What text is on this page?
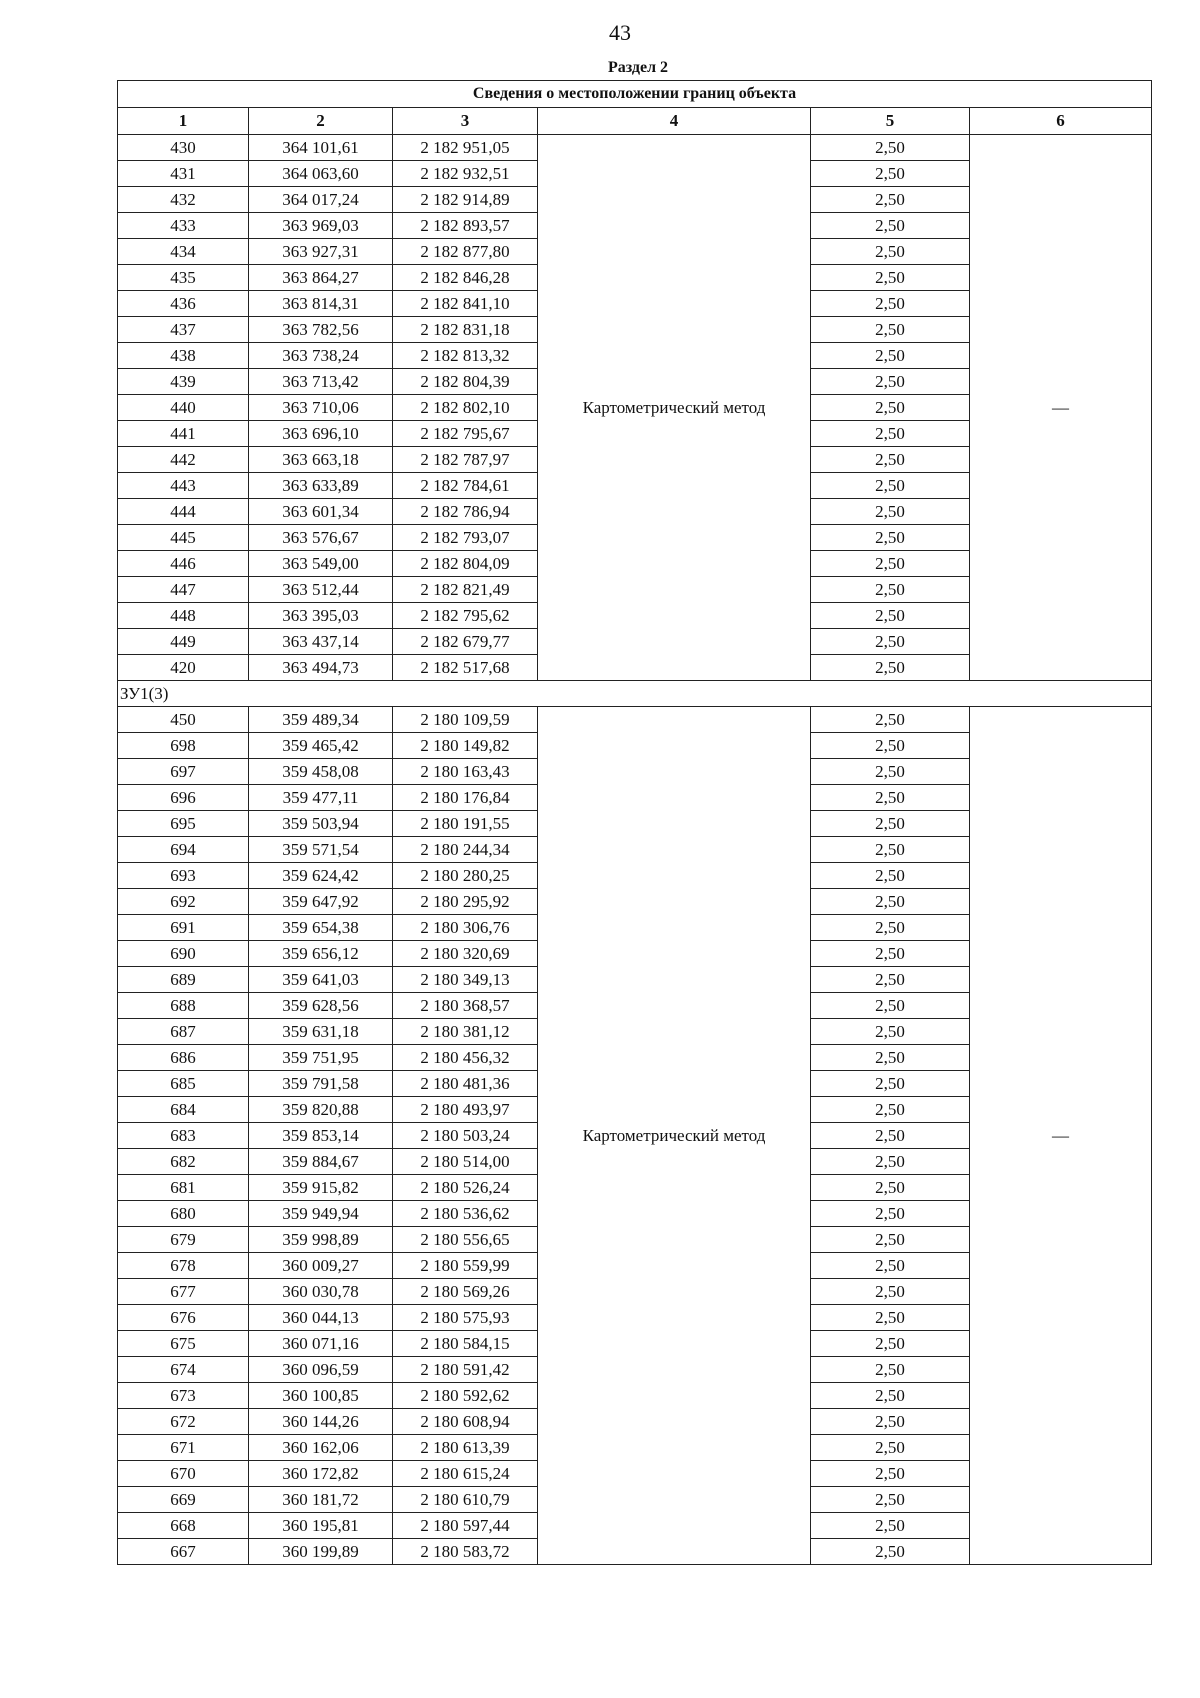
43
Раздел 2
Сведения о местоположении границ объекта					
1	2	3	4	5	6
430	364 101,61	2 182 951,05	Картометрический метод	2,50	—
431	364 063,60	2 182 932,51		2,50	
432	364 017,24	2 182 914,89		2,50	
433	363 969,03	2 182 893,57		2,50	
434	363 927,31	2 182 877,80		2,50	
435	363 864,27	2 182 846,28		2,50	
436	363 814,31	2 182 841,10		2,50	
437	363 782,56	2 182 831,18		2,50	
438	363 738,24	2 182 813,32		2,50	
439	363 713,42	2 182 804,39		2,50	
440	363 710,06	2 182 802,10		2,50	
441	363 696,10	2 182 795,67		2,50	
442	363 663,18	2 182 787,97		2,50	
443	363 633,89	2 182 784,61		2,50	
444	363 601,34	2 182 786,94		2,50	
445	363 576,67	2 182 793,07		2,50	
446	363 549,00	2 182 804,09		2,50	
447	363 512,44	2 182 821,49		2,50	
448	363 395,03	2 182 795,62		2,50	
449	363 437,14	2 182 679,77		2,50	
420	363 494,73	2 182 517,68		2,50	
ЗУ1(3)					
450	359 489,34	2 180 109,59	Картометрический метод	2,50	—
698	359 465,42	2 180 149,82		2,50	
697	359 458,08	2 180 163,43		2,50	
696	359 477,11	2 180 176,84		2,50	
695	359 503,94	2 180 191,55		2,50	
694	359 571,54	2 180 244,34		2,50	
693	359 624,42	2 180 280,25		2,50	
692	359 647,92	2 180 295,92		2,50	
691	359 654,38	2 180 306,76		2,50	
690	359 656,12	2 180 320,69		2,50	
689	359 641,03	2 180 349,13		2,50	
688	359 628,56	2 180 368,57		2,50	
687	359 631,18	2 180 381,12		2,50	
686	359 751,95	2 180 456,32		2,50	
685	359 791,58	2 180 481,36		2,50	
684	359 820,88	2 180 493,97		2,50	
683	359 853,14	2 180 503,24		2,50	
682	359 884,67	2 180 514,00		2,50	
681	359 915,82	2 180 526,24		2,50	
680	359 949,94	2 180 536,62		2,50	
679	359 998,89	2 180 556,65		2,50	
678	360 009,27	2 180 559,99		2,50	
677	360 030,78	2 180 569,26		2,50	
676	360 044,13	2 180 575,93		2,50	
675	360 071,16	2 180 584,15		2,50	
674	360 096,59	2 180 591,42		2,50	
673	360 100,85	2 180 592,62		2,50	
672	360 144,26	2 180 608,94		2,50	
671	360 162,06	2 180 613,39		2,50	
670	360 172,82	2 180 615,24		2,50	
669	360 181,72	2 180 610,79		2,50	
668	360 195,81	2 180 597,44		2,50	
667	360 199,89	2 180 583,72		2,50	
